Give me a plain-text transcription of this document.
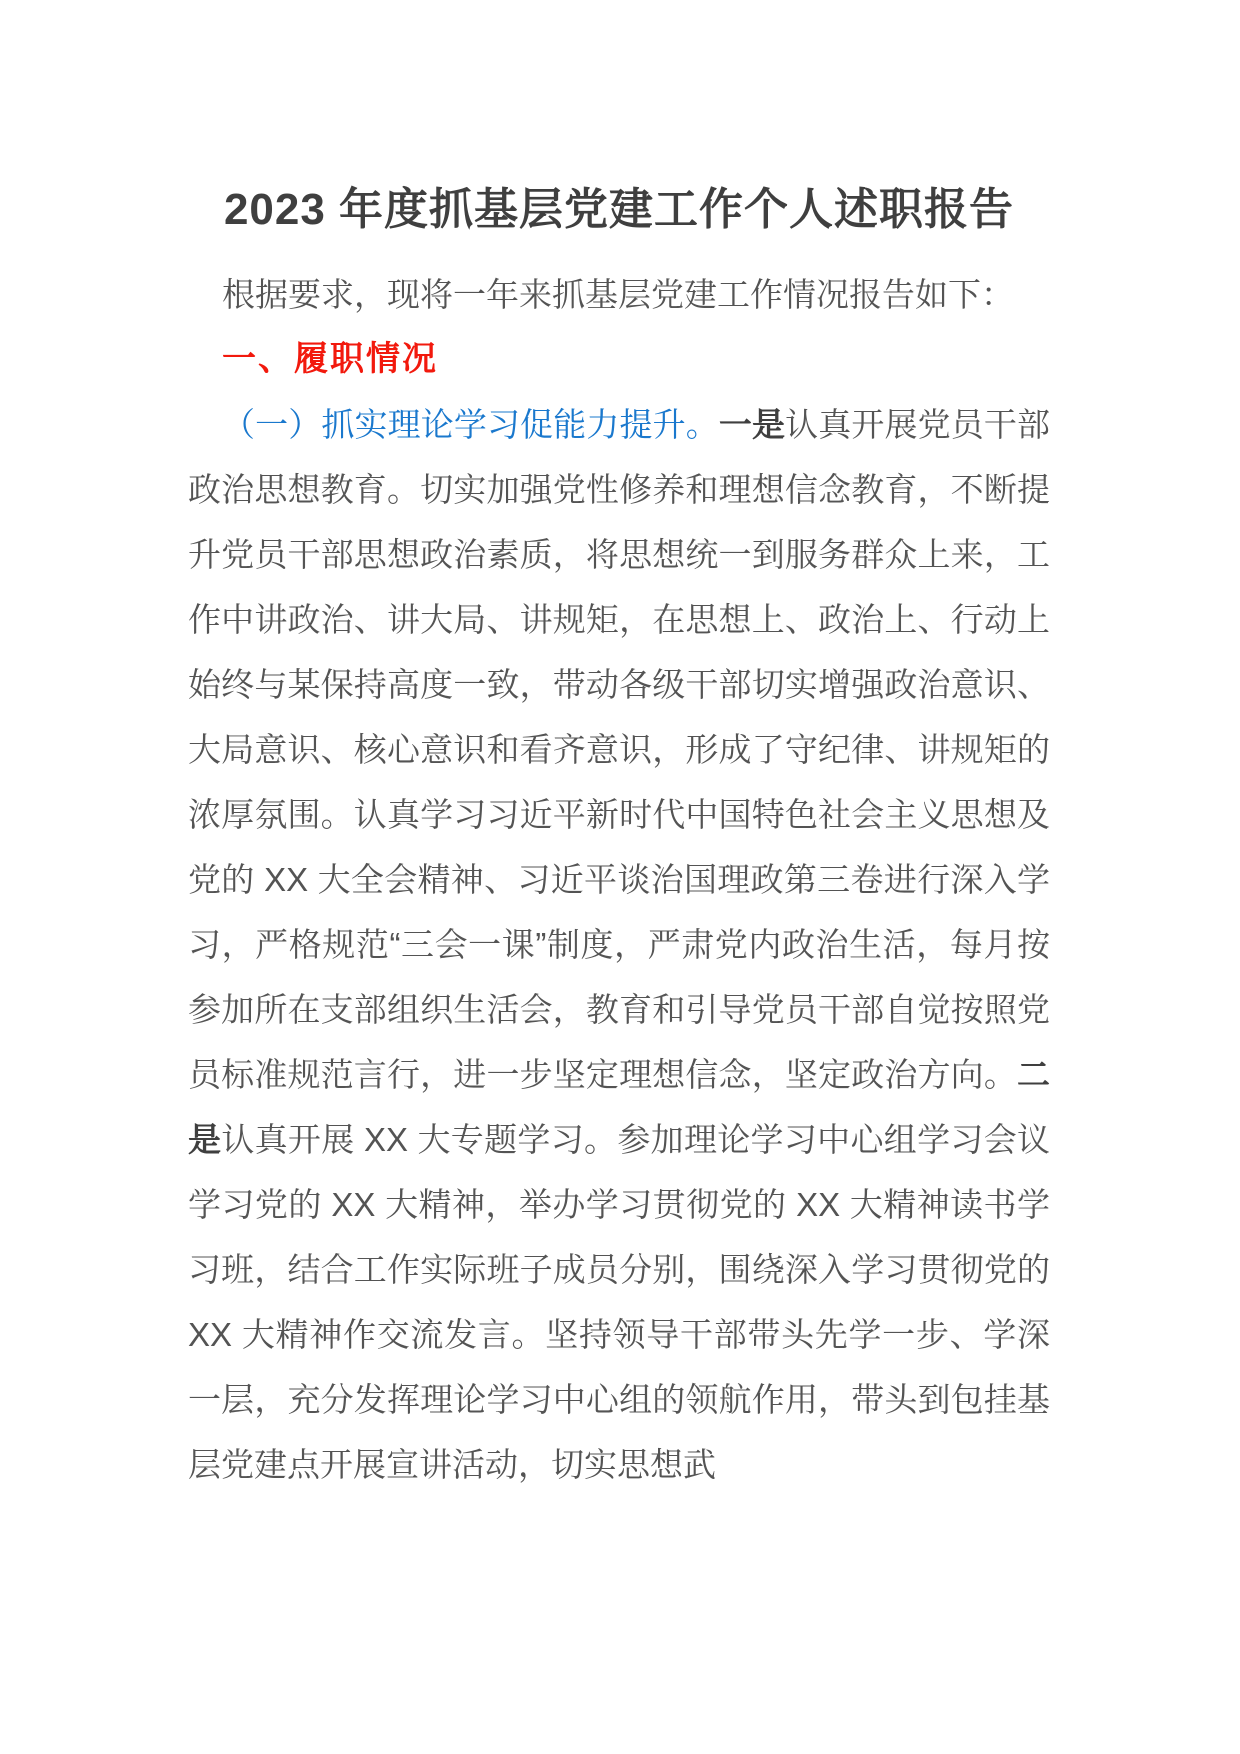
2023 年度抓基层党建工作个人述职报告

根据要求，现将一年来抓基层党建工作情况报告如下：

一、履职情况

（一）抓实理论学习促能力提升。一是认真开展党员干部政治思想教育。切实加强党性修养和理想信念教育，不断提升党员干部思想政治素质，将思想统一到服务群众上来，工作中讲政治、讲大局、讲规矩，在思想上、政治上、行动上始终与某保持高度一致，带动各级干部切实增强政治意识、大局意识、核心意识和看齐意识，形成了守纪律、讲规矩的浓厚氛围。认真学习习近平新时代中国特色社会主义思想及党的 XX 大全会精神、习近平谈治国理政第三卷进行深入学习，严格规范“三会一课”制度，严肃党内政治生活，每月按参加所在支部组织生活会，教育和引导党员干部自觉按照党员标准规范言行，进一步坚定理想信念，坚定政治方向。二是认真开展 XX 大专题学习。参加理论学习中心组学习会议学习党的 XX 大精神，举办学习贯彻党的 XX 大精神读书学习班，结合工作实际班子成员分别，围绕深入学习贯彻党的 XX 大精神作交流发言。坚持领导干部带头先学一步、学深一层，充分发挥理论学习中心组的领航作用，带头到包挂基层党建点开展宣讲活动，切实思想武
